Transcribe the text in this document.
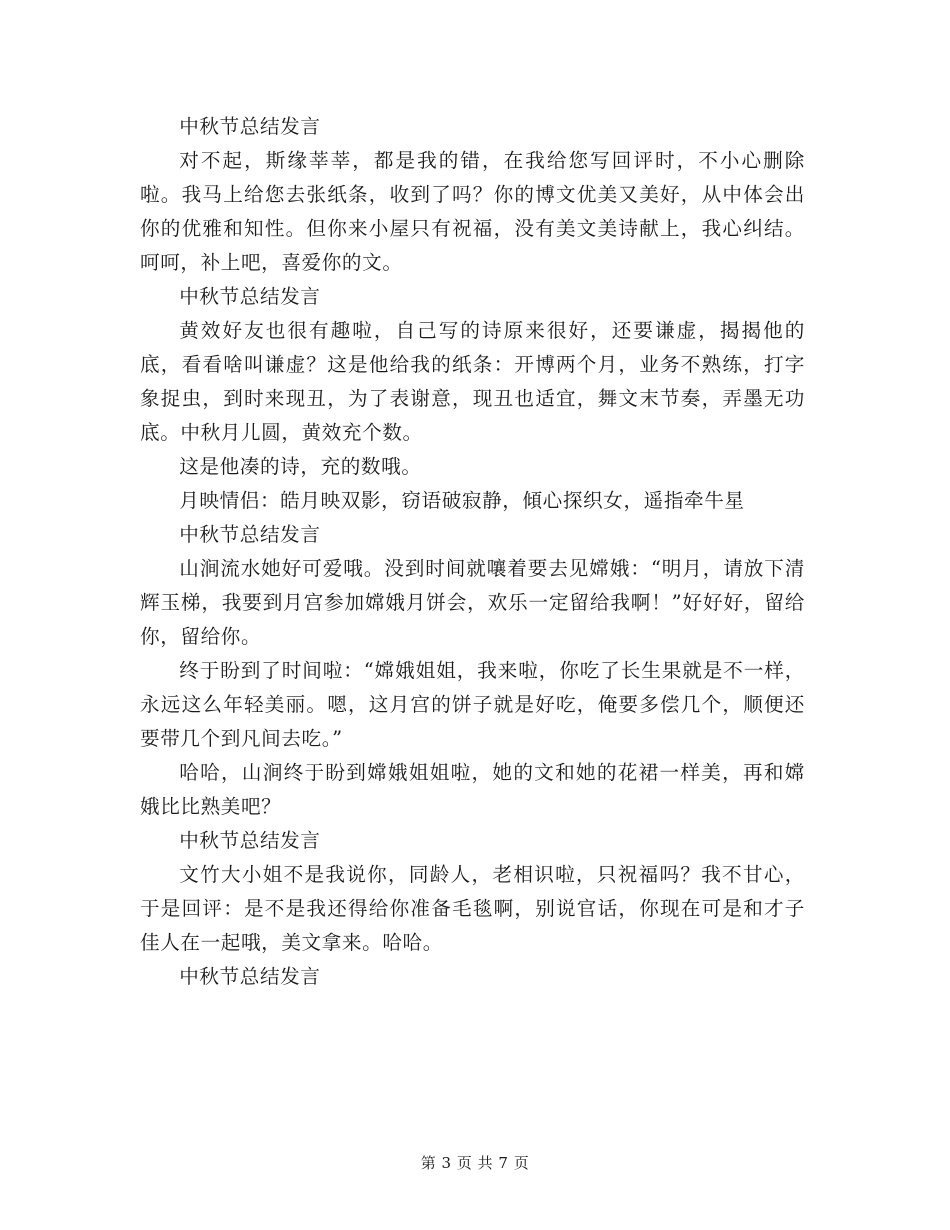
中秋节总结发言

对不起，斯缘莘莘，都是我的错，在我给您写回评时，不小心删除啦。我马上给您去张纸条，收到了吗？你的博文优美又美好，从中体会出你的优雅和知性。但你来小屋只有祝福，没有美文美诗献上，我心纠结。呵呵，补上吧，喜爱你的文。

中秋节总结发言

黄效好友也很有趣啦，自己写的诗原来很好，还要谦虚，揭揭他的底，看看啥叫谦虚？这是他给我的纸条：开博两个月，业务不熟练，打字象捉虫，到时来现丑，为了表谢意，现丑也适宜，舞文末节奏，弄墨无功底。中秋月儿圆，黄效充个数。

这是他凑的诗，充的数哦。

月映情侣：皓月映双影，窃语破寂静，傾心探织女，遥指牵牛星

中秋节总结发言

山涧流水她好可爱哦。没到时间就嚷着要去见嫦娥：“明月，请放下清辉玉梯，我要到月宫参加嫦娥月饼会，欢乐一定留给我啊！”好好好，留给你，留给你。

终于盼到了时间啦：“嫦娥姐姐，我来啦，你吃了长生果就是不一样，永远这么年轻美丽。嗯，这月宫的饼子就是好吃，俺要多偿几个，顺便还要带几个到凡间去吃。”

哈哈，山涧终于盼到嫦娥姐姐啦，她的文和她的花裙一样美，再和嫦娥比比熟美吧？

中秋节总结发言

文竹大小姐不是我说你，同龄人，老相识啦，只祝福吗？我不甘心，于是回评：是不是我还得给你准备毛毯啊，别说官话，你现在可是和才子佳人在一起哦，美文拿来。哈哈。

中秋节总结发言

第 3 页 共 7 页
